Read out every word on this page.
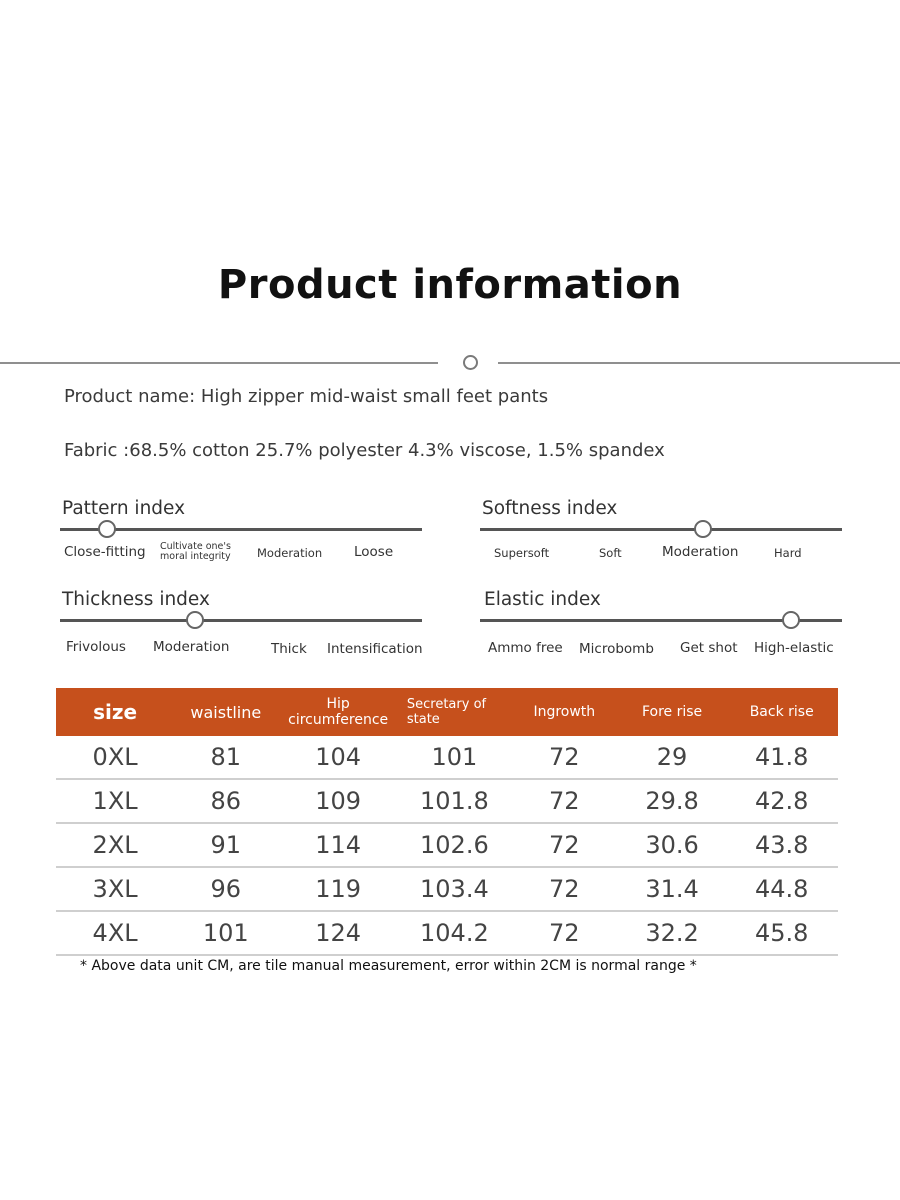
Product information
Product name: High zipper mid-waist small feet pants
Fabric :68.5% cotton 25.7% polyester 4.3% viscose, 1.5% spandex
Pattern index
Close-fitting Cultivate one's moral integrity	Moderation Loose
Softness index
Supersoft	Soft	Moderation	Hard
Thickness index
Frivolous Moderation	Thick Intensification
Elastic index
Ammo free Microbomb Get shot High-elastic
size	waistline	Hip circumference	Secretary of state	Ingrowth	Fore rise	Back rise
0XL	81	104	101	72	29	41.8
1XL	86	109	101.8	72	29.8	42.8
2XL	91	114	102.6	72	30.6	43.8
3XL	96	119	103.4	72	31.4	44.8
4XL	101	124	104.2	72	32.2	45.8
* Above data unit CM, are tile manual measurement, error within 2CM is normal range *
